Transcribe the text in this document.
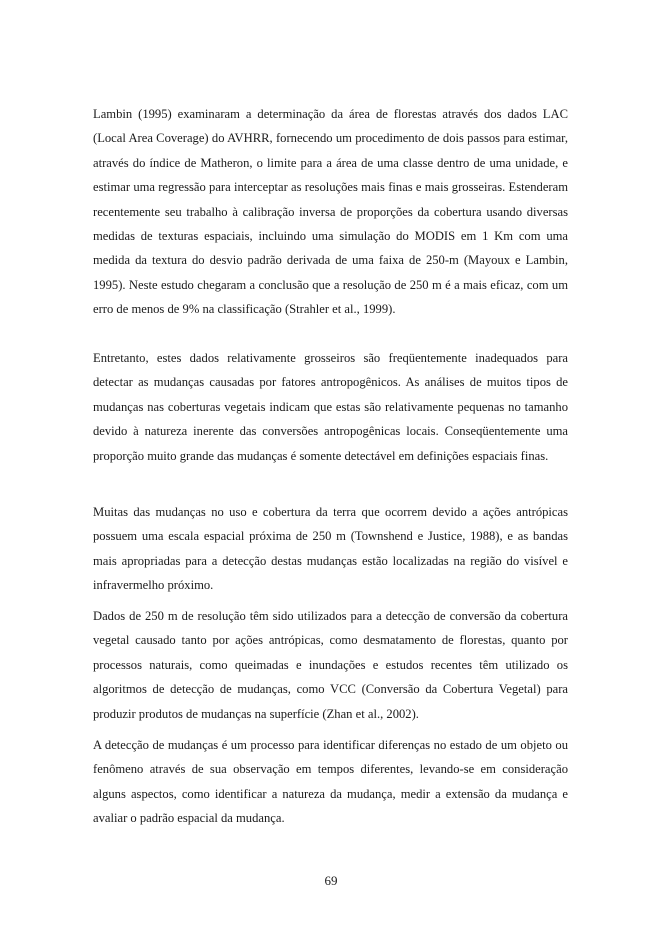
Lambin (1995) examinaram a determinação da área de florestas através dos dados LAC (Local Area Coverage) do AVHRR, fornecendo um procedimento de dois passos para estimar, através do índice de Matheron, o limite para a área de uma classe dentro de uma unidade, e estimar uma regressão para interceptar as resoluções mais finas e mais grosseiras. Estenderam recentemente seu trabalho à calibração inversa de proporções da cobertura usando diversas medidas de texturas espaciais, incluindo uma simulação do MODIS em 1 Km com uma medida da textura do desvio padrão derivada de uma faixa de 250-m (Mayoux e Lambin, 1995). Neste estudo chegaram a conclusão que a resolução de 250 m é a mais eficaz, com um erro de menos de 9% na classificação (Strahler et al., 1999).

Entretanto, estes dados relativamente grosseiros são freqüentemente inadequados para detectar as mudanças causadas por fatores antropogênicos. As análises de muitos tipos de mudanças nas coberturas vegetais indicam que estas são relativamente pequenas no tamanho devido à natureza inerente das conversões antropogênicas locais. Conseqüentemente uma proporção muito grande das mudanças é somente detectável em definições espaciais finas.

Muitas das mudanças no uso e cobertura da terra que ocorrem devido a ações antrópicas possuem uma escala espacial próxima de 250 m (Townshend e Justice, 1988), e as bandas mais apropriadas para a detecção destas mudanças estão localizadas na região do visível e infravermelho próximo.

Dados de 250 m de resolução têm sido utilizados para a detecção de conversão da cobertura vegetal causado tanto por ações antrópicas, como desmatamento de florestas, quanto por processos naturais, como queimadas e inundações e estudos recentes têm utilizado os algoritmos de detecção de mudanças, como VCC (Conversão da Cobertura Vegetal) para produzir produtos de mudanças na superfície (Zhan et al., 2002).

A detecção de mudanças é um processo para identificar diferenças no estado de um objeto ou fenômeno através de sua observação em tempos diferentes, levando-se em consideração alguns aspectos, como identificar a natureza da mudança, medir a extensão da mudança e avaliar o padrão espacial da mudança.

69
